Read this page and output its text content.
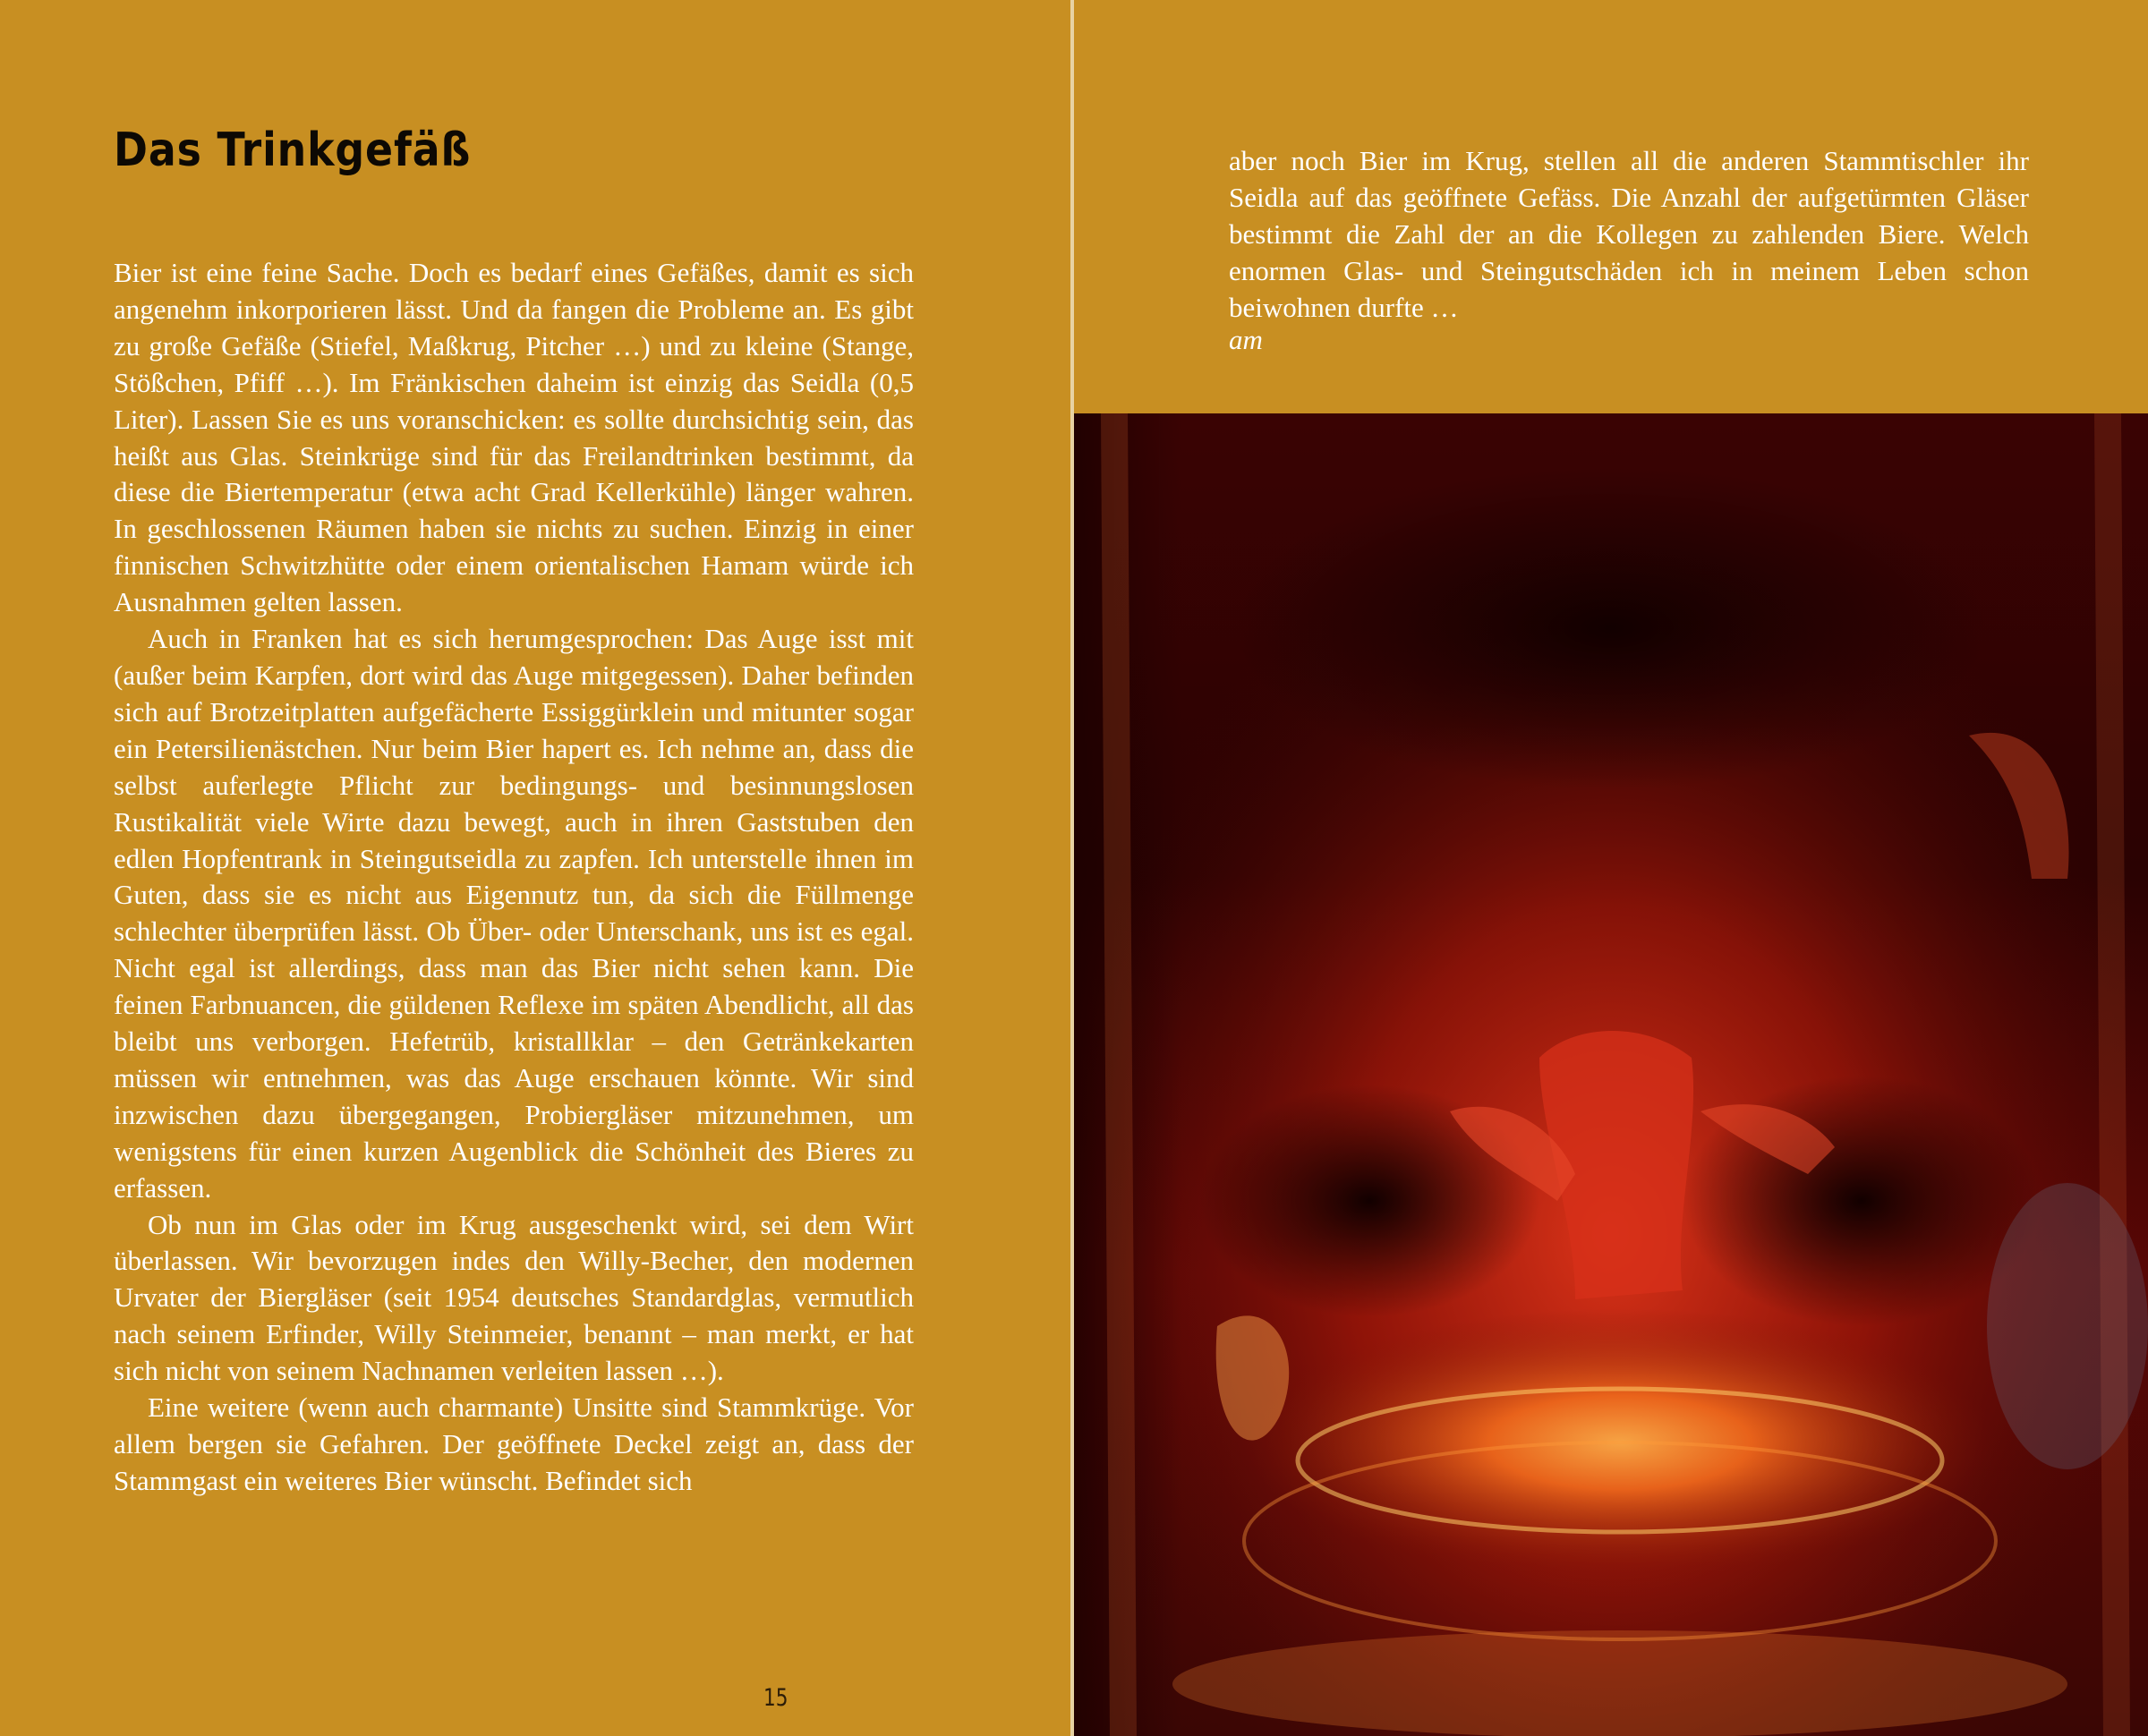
Das Trinkgefäß

Bier ist eine feine Sache. Doch es bedarf eines Gefäßes, damit es sich angenehm inkorporieren lässt. Und da fangen die Probleme an. Es gibt zu große Gefäße (Stiefel, Maßkrug, Pitcher …) und zu kleine (Stange, Stößchen, Pfiff …). Im Fränkischen daheim ist einzig das Seidla (0,5 Liter). Lassen Sie es uns voranschicken: es sollte durchsichtig sein, das heißt aus Glas. Steinkrüge sind für das Freilandtrinken bestimmt, da diese die Biertemperatur (etwa acht Grad Kellerkühle) länger wahren. In geschlossenen Räumen haben sie nichts zu suchen. Einzig in einer finnischen Schwitzhütte oder einem orientalischen Hamam würde ich Ausnahmen gelten lassen.

Auch in Franken hat es sich herumgesprochen: Das Auge isst mit (außer beim Karpfen, dort wird das Auge mitgegessen). Daher befinden sich auf Brotzeitplatten aufgefächerte Essiggürklein und mitunter sogar ein Petersilienästchen. Nur beim Bier hapert es. Ich nehme an, dass die selbst auferlegte Pflicht zur bedingungs- und besinnungslosen Rustikalität viele Wirte dazu bewegt, auch in ihren Gaststuben den edlen Hopfentrank in Steingutseidla zu zapfen. Ich unterstelle ihnen im Guten, dass sie es nicht aus Eigennutz tun, da sich die Füllmenge schlechter überprüfen lässt. Ob Über- oder Unterschank, uns ist es egal. Nicht egal ist allerdings, dass man das Bier nicht sehen kann. Die feinen Farbnuancen, die güldenen Reflexe im späten Abendlicht, all das bleibt uns verborgen. Hefetrüb, kristallklar – den Getränkekarten müssen wir entnehmen, was das Auge erschauen könnte. Wir sind inzwischen dazu übergegangen, Probiergläser mitzunehmen, um wenigstens für einen kurzen Augenblick die Schönheit des Bieres zu erfassen.

Ob nun im Glas oder im Krug ausgeschenkt wird, sei dem Wirt überlassen. Wir bevorzugen indes den Willy-Becher, den modernen Urvater der Biergläser (seit 1954 deutsches Standardglas, vermutlich nach seinem Erfinder, Willy Steinmeier, benannt – man merkt, er hat sich nicht von seinem Nachnamen verleiten lassen …).

Eine weitere (wenn auch charmante) Unsitte sind Stammkrüge. Vor allem bergen sie Gefahren. Der geöffnete Deckel zeigt an, dass der Stammgast ein weiteres Bier wünscht. Befindet sich

15

aber noch Bier im Krug, stellen all die anderen Stammtischler ihr Seidla auf das geöffnete Gefäss. Die Anzahl der aufgetürmten Gläser bestimmt die Zahl der an die Kollegen zu zahlenden Biere. Welch enormen Glas- und Steingutschäden ich in meinem Leben schon beiwohnen durfte …

am
